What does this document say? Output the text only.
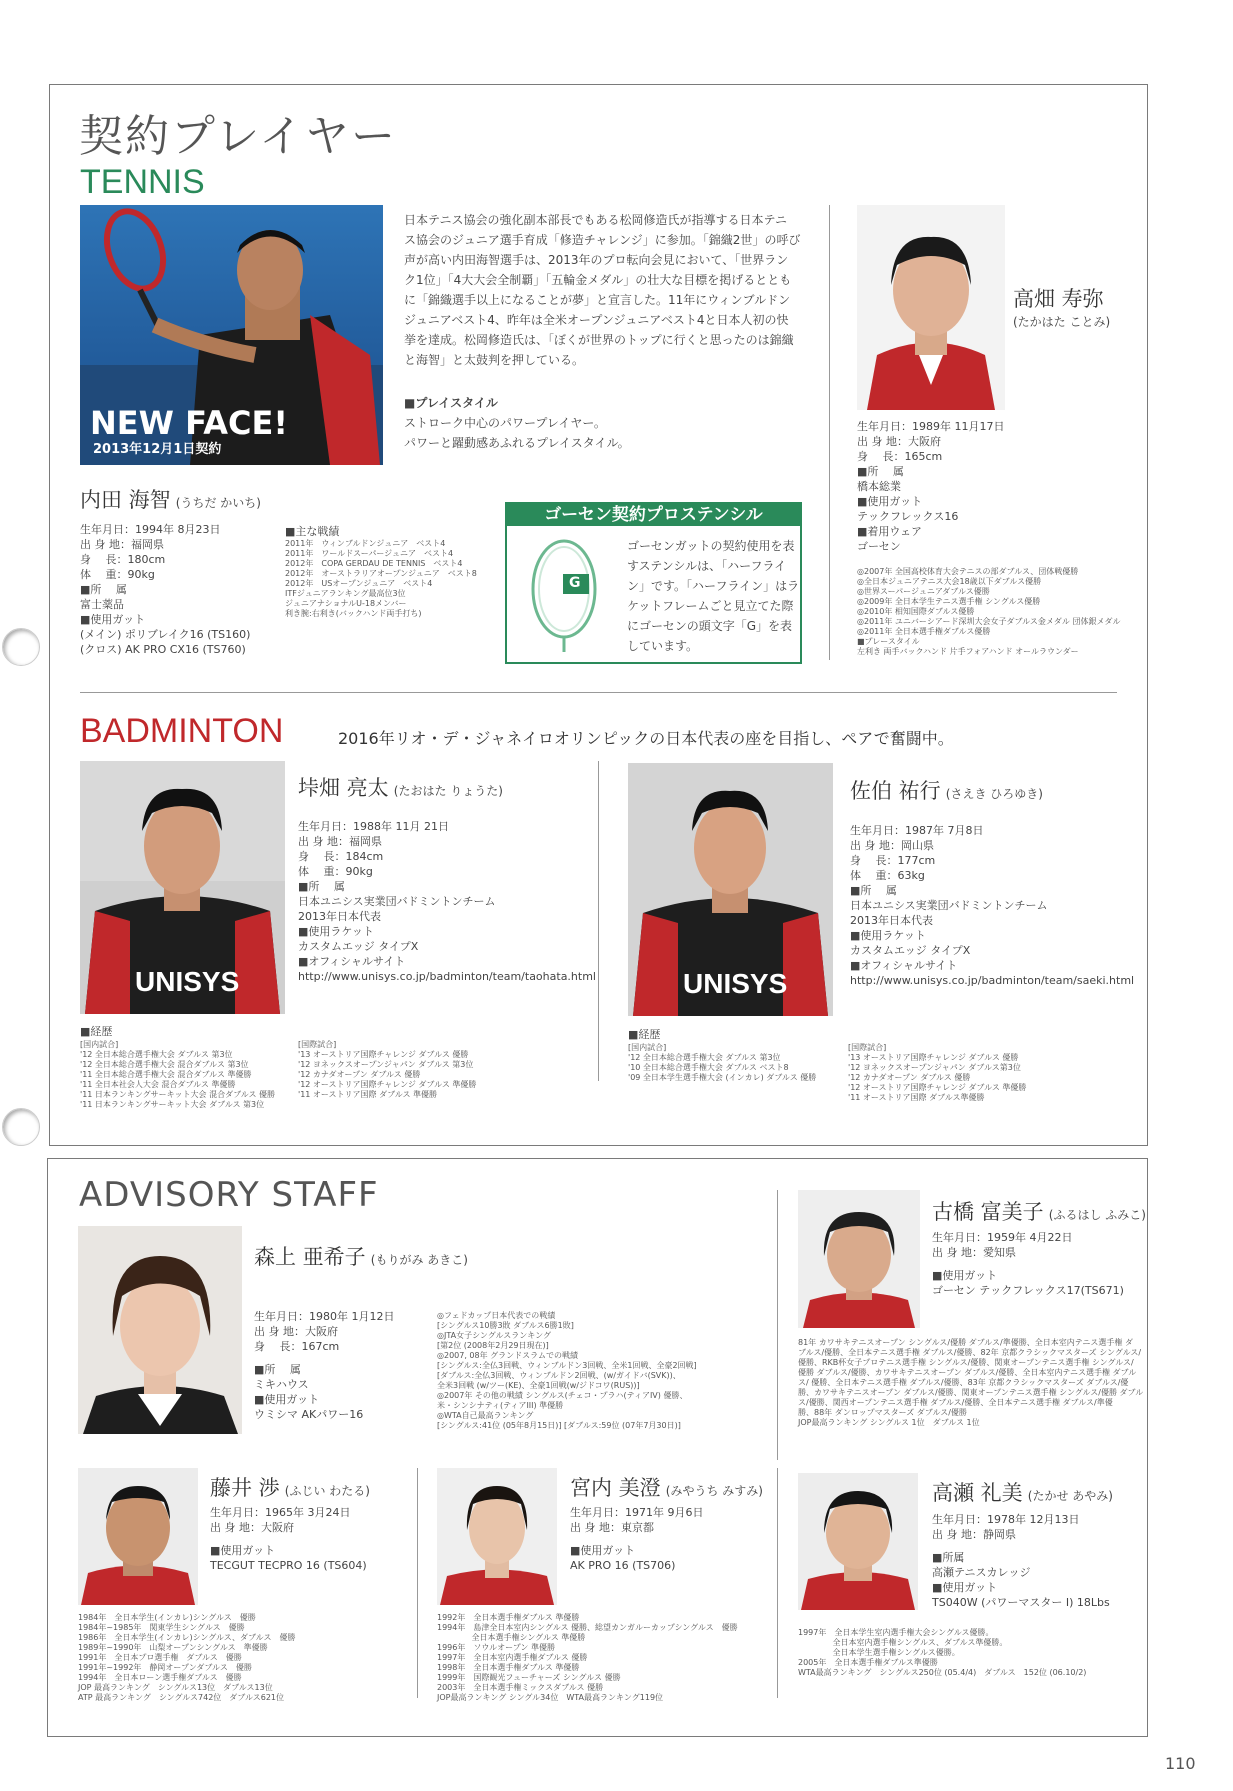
契約プレイヤー
TENNIS
NEW FACE!
2013年12月1日契約
内田 海智 (うちだ かいち)
生年月日：1994年 8月23日
出 身 地：福岡県
身　 長：180cm
体　 重：90kg
■所　 属
富士薬品
■使用ガット
(メイン) ポリブレイク16 (TS160)
(クロス) AK PRO CX16 (TS760)
■主な戦績
2011年　ウィンブルドンジュニア　ベスト4
2011年　ワールドスーパージュニア　ベスト4
2012年　COPA GERDAU DE TENNIS　ベスト4
2012年　オーストラリアオープンジュニア　ベスト8
2012年　USオープンジュニア　ベスト4
ITFジュニアランキング最高位3位
ジュニアナショナルU-18メンバー
利き腕:右利き(バックハンド両手打ち)
日本テニス協会の強化副本部長でもある松岡修造氏が指導する日本テニ
ス協会のジュニア選手育成「修造チャレンジ」に参加。「錦織2世」の呼び
声が高い内田海智選手は、2013年のプロ転向会見において、「世界ラン
ク1位」「4大大会全制覇」「五輪金メダル」の壮大な目標を掲げるととも
に「錦織選手以上になることが夢」と宣言した。11年にウィンブルドン
ジュニアベスト4、昨年は全米オープンジュニアベスト4と日本人初の快
挙を達成。松岡修造氏は、「ぼくが世界のトップに行くと思ったのは錦織
と海智」と太鼓判を押している。
■プレイスタイル
ストローク中心のパワープレイヤー。
パワーと躍動感あふれるプレイスタイル。
ゴーセン契約プロステンシル
G
ゴーセンガットの契約使用を表
すステンシルは、「ハーフライ
ン」です。「ハーフライン」はラ
ケットフレームごと見立てた際
にゴーセンの頭文字「G」を表
しています。
高畑 寿弥
(たかはた ことみ)
生年月日：1989年 11月17日
出 身 地：大阪府
身　 長：165cm
■所　 属
橋本総業
■使用ガット
テックフレックス16
■着用ウェア
ゴーセン
◎2007年 全国高校体育大会テニスの部ダブルス、団体戦優勝
◎全日本ジュニアテニス大会18歳以下ダブルス優勝
◎世界スーパージュニアダブルス優勝
◎2009年 全日本学生テニス選手権 シングルス優勝
◎2010年 相知国際ダブルス優勝
◎2011年 ユニバーシアード深圳大会女子ダブルス金メダル 団体銀メダル
◎2011年 全日本選手権ダブルス優勝
■プレースタイル
左利き 両手バックハンド 片手フォアハンド オールラウンダー
BADMINTON	2016年リオ・デ・ジャネイロオリンピックの日本代表の座を目指し、ペアで奮闘中。
UNISYS
垰畑 亮太 (たおはた りょうた)
生年月日：1988年 11月 21日
出 身 地：福岡県
身　 長：184cm
体　 重：90kg
■所　 属
日本ユニシス実業団バドミントンチーム
2013年日本代表
■使用ラケット
カスタムエッジ タイプX
■オフィシャルサイト
http://www.unisys.co.jp/badminton/team/taohata.html
■経歴
[国内試合]
'12 全日本総合選手権大会 ダブルス 第3位
'12 全日本総合選手権大会 混合ダブルス 第3位
'11 全日本総合選手権大会 混合ダブルス 準優勝
'11 全日本社会人大会 混合ダブルス 準優勝
'11 日本ランキングサーキット大会 混合ダブルス 優勝
'11 日本ランキングサーキット大会 ダブルス 第3位
[国際試合]
'13 オーストリア国際チャレンジ ダブルス 優勝
'12 ヨネックスオープンジャパン ダブルス 第3位
'12 カナダオープン ダブルス 優勝
'12 オーストリア国際チャレンジ ダブルス 準優勝
'11 オーストリア国際 ダブルス 準優勝
UNISYS
佐伯 祐行 (さえき ひろゆき)
生年月日：1987年 7月8日
出 身 地：岡山県
身　 長：177cm
体　 重：63kg
■所　 属
日本ユニシス実業団バドミントンチーム
2013年日本代表
■使用ラケット
カスタムエッジ タイプX
■オフィシャルサイト
http://www.unisys.co.jp/badminton/team/saeki.html
■経歴
[国内試合]
'12 全日本総合選手権大会 ダブルス 第3位
'10 全日本総合選手権大会 ダブルス ベスト8
'09 全日本学生選手権大会 (インカレ) ダブルス 優勝
[国際試合]
'13 オーストリア国際チャレンジ ダブルス 優勝
'12 ヨネックスオープンジャパン ダブルス第3位
'12 カナダオープン ダブルス 優勝
'12 オーストリア国際チャレンジ ダブルス 準優勝
'11 オーストリア国際 ダブルス準優勝
ADVISORY STAFF
森上 亜希子 (もりがみ あきこ)
生年月日：1980年 1月12日
出 身 地：大阪府
身　 長：167cm
■所　 属
ミキハウス
■使用ガット
ウミシマ AKパワー16
◎フェドカップ日本代表での戦績
[シングルス10勝3敗 ダブルス6勝1敗]
◎JTA女子シングルスランキング
[第2位 (2008年2月29日現在)]
◎2007, 08年 グランドスラムでの戦績
[シングルス:全仏3回戦、ウィンブルドン3回戦、全米1回戦、全豪2回戦]
[ダブルス:全仏3回戦、ウィンブルドン2回戦、(w/ガイドバ(SVK))、
全米3回戦 (w/ツー(KE)、全豪1回戦(w/ジドコワ(RUS))]
◎2007年 その他の戦績 シングルス(チェコ・プラハ(ティアIV) 優勝、
米・シンシナティ(ティアIII) 準優勝
◎WTA自己最高ランキング
[シングルス:41位 (05年8月15日)] [ダブルス:59位 (07年7月30日)]
古橋 富美子 (ふるはし ふみこ)
生年月日：1959年 4月22日
出 身 地：愛知県
■使用ガット
ゴーセン テックフレックス17(TS671)
81年 カワサキテニスオープン シングルス/優勝 ダブルス/準優勝、全日本室内テニス選手権 ダ
ブルス/優勝、全日本テニス選手権 ダブルス/優勝、82年 京都クラシックマスターズ シングルス/
優勝、RKB杯女子プロテニス選手権 シングルス/優勝、関東オープンテニス選手権 シングルス/
優勝 ダブルス/優勝、カワサキテニスオープン ダブルス/優勝、全日本室内テニス選手権 ダブル
ス/ 優勝、全日本テニス選手権 ダブルス/優勝、83年 京都クラシックマスターズ ダブルス/優
勝、カワサキテニスオープン ダブルス/優勝、関東オープンテニス選手権 シングルス/優勝 ダブル
ス/優勝、関西オープンテニス選手権 ダブルス/優勝、全日本テニス選手権 ダブルス/準優
勝、88年 ダンロップマスターズ ダブルス/優勝
JOP最高ランキング シングルス 1位　ダブルス 1位
藤井 渉 (ふじい わたる)
生年月日：1965年 3月24日
出 身 地：大阪府
■使用ガット
TECGUT TECPRO 16 (TS604)
1984年　全日本学生(インカレ)シングルス　優勝
1984年~1985年　関東学生シングルス　優勝
1986年　全日本学生(インカレ)シングルス、ダブルス　優勝
1989年~1990年　山梨オープンシングルス　準優勝
1991年　全日本プロ選手権　ダブルス　優勝
1991年~1992年　静岡オープンダブルス　優勝
1994年　全日本ローン選手権ダブルス　優勝
JOP 最高ランキング　シングルス13位　ダブルス13位
ATP 最高ランキング　シングルス742位　ダブルス621位
宮内 美澄 (みやうち みすみ)
生年月日：1971年 9月6日
出 身 地：東京都
■使用ガット
AK PRO 16 (TS706)
1992年　全日本選手権ダブルス 準優勝
1994年　島津全日本室内シングルス 優勝、総望カンガルーカップシングルス　優勝
　　　　 全日本選手権シングルス 準優勝
1996年　ソウルオープン 準優勝
1997年　全日本室内選手権ダブルス 優勝
1998年　全日本選手権ダブルス 準優勝
1999年　国際観光フューチャーズ シングルス 優勝
2003年　全日本選手権ミックスダブルス 優勝
JOP最高ランキング シングル34位　WTA最高ランキング119位
高瀬 礼美 (たかせ あやみ)
生年月日：1978年 12月13日
出 身 地：静岡県
■所属
高瀬テニスカレッジ
■使用ガット
TS040W (パワーマスター I) 18Lbs
1997年　全日本学生室内選手権大会シングルス優勝。
　　　　 全日本室内選手権シングルス、ダブルス準優勝。
　　　　 全日本学生選手権シングルス優勝。
2005年　全日本選手権ダブルス準優勝
WTA最高ランキング　シングルス250位 (05.4/4)　ダブルス　152位 (06.10/2)
110
